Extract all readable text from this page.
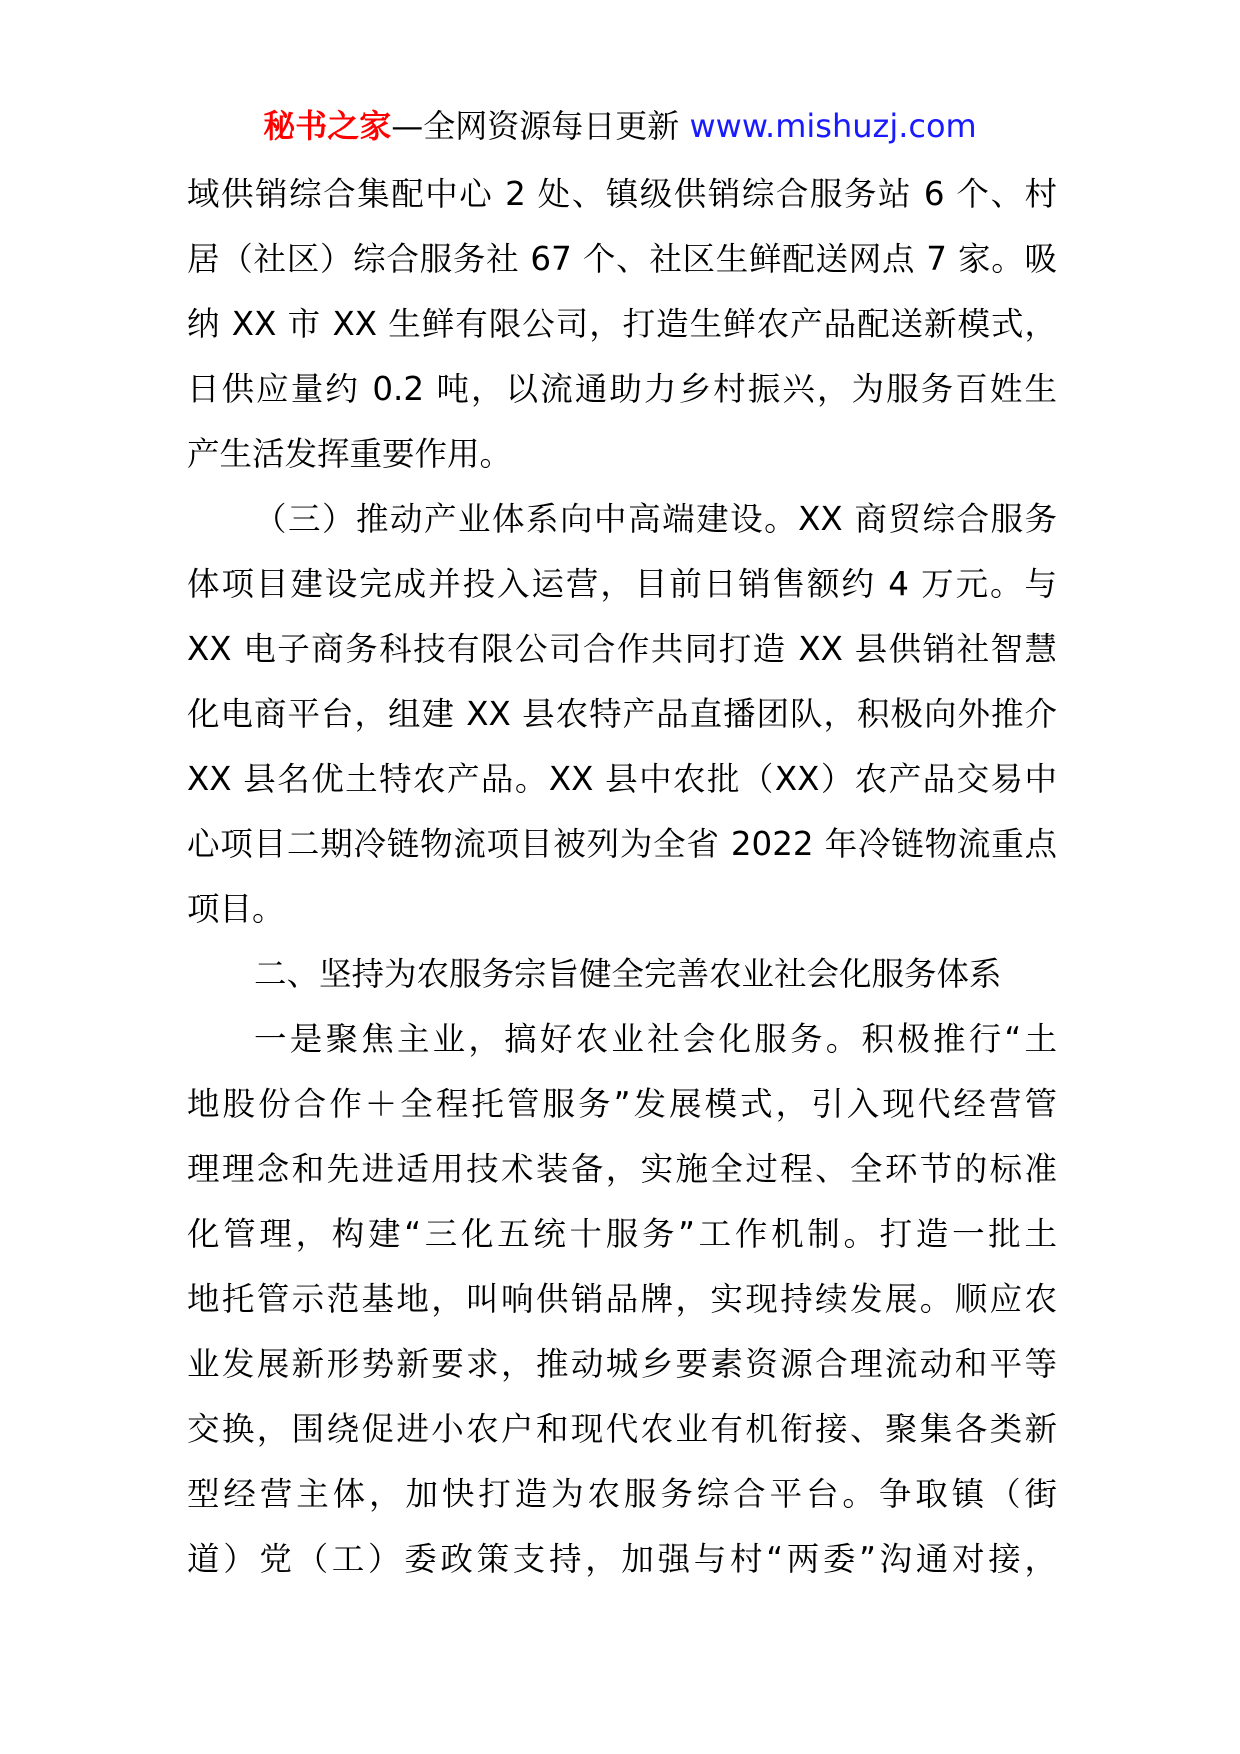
秘书之家—全网资源每日更新 www.mishuzj.com
域供销综合集配中心 2 处、镇级供销综合服务站 6 个、村
居（社区）综合服务社 67 个、社区生鲜配送网点 7 家。吸
纳 XX 市 XX 生鲜有限公司，打造生鲜农产品配送新模式，
日供应量约 0.2 吨，以流通助力乡村振兴，为服务百姓生
产生活发挥重要作用。
（三）推动产业体系向中高端建设。XX 商贸综合服务
体项目建设完成并投入运营，目前日销售额约 4 万元。与
XX 电子商务科技有限公司合作共同打造 XX 县供销社智慧
化电商平台，组建 XX 县农特产品直播团队，积极向外推介
XX 县名优土特农产品。XX 县中农批（XX）农产品交易中
心项目二期冷链物流项目被列为全省 2022 年冷链物流重点
项目。
二、坚持为农服务宗旨健全完善农业社会化服务体系
一是聚焦主业，搞好农业社会化服务。积极推行“土
地股份合作＋全程托管服务”发展模式，引入现代经营管
理理念和先进适用技术装备，实施全过程、全环节的标准
化管理，构建“三化五统十服务”工作机制。打造一批土
地托管示范基地，叫响供销品牌，实现持续发展。顺应农
业发展新形势新要求，推动城乡要素资源合理流动和平等
交换，围绕促进小农户和现代农业有机衔接、聚集各类新
型经营主体，加快打造为农服务综合平台。争取镇（街
道）党（工）委政策支持，加强与村“两委”沟通对接，
